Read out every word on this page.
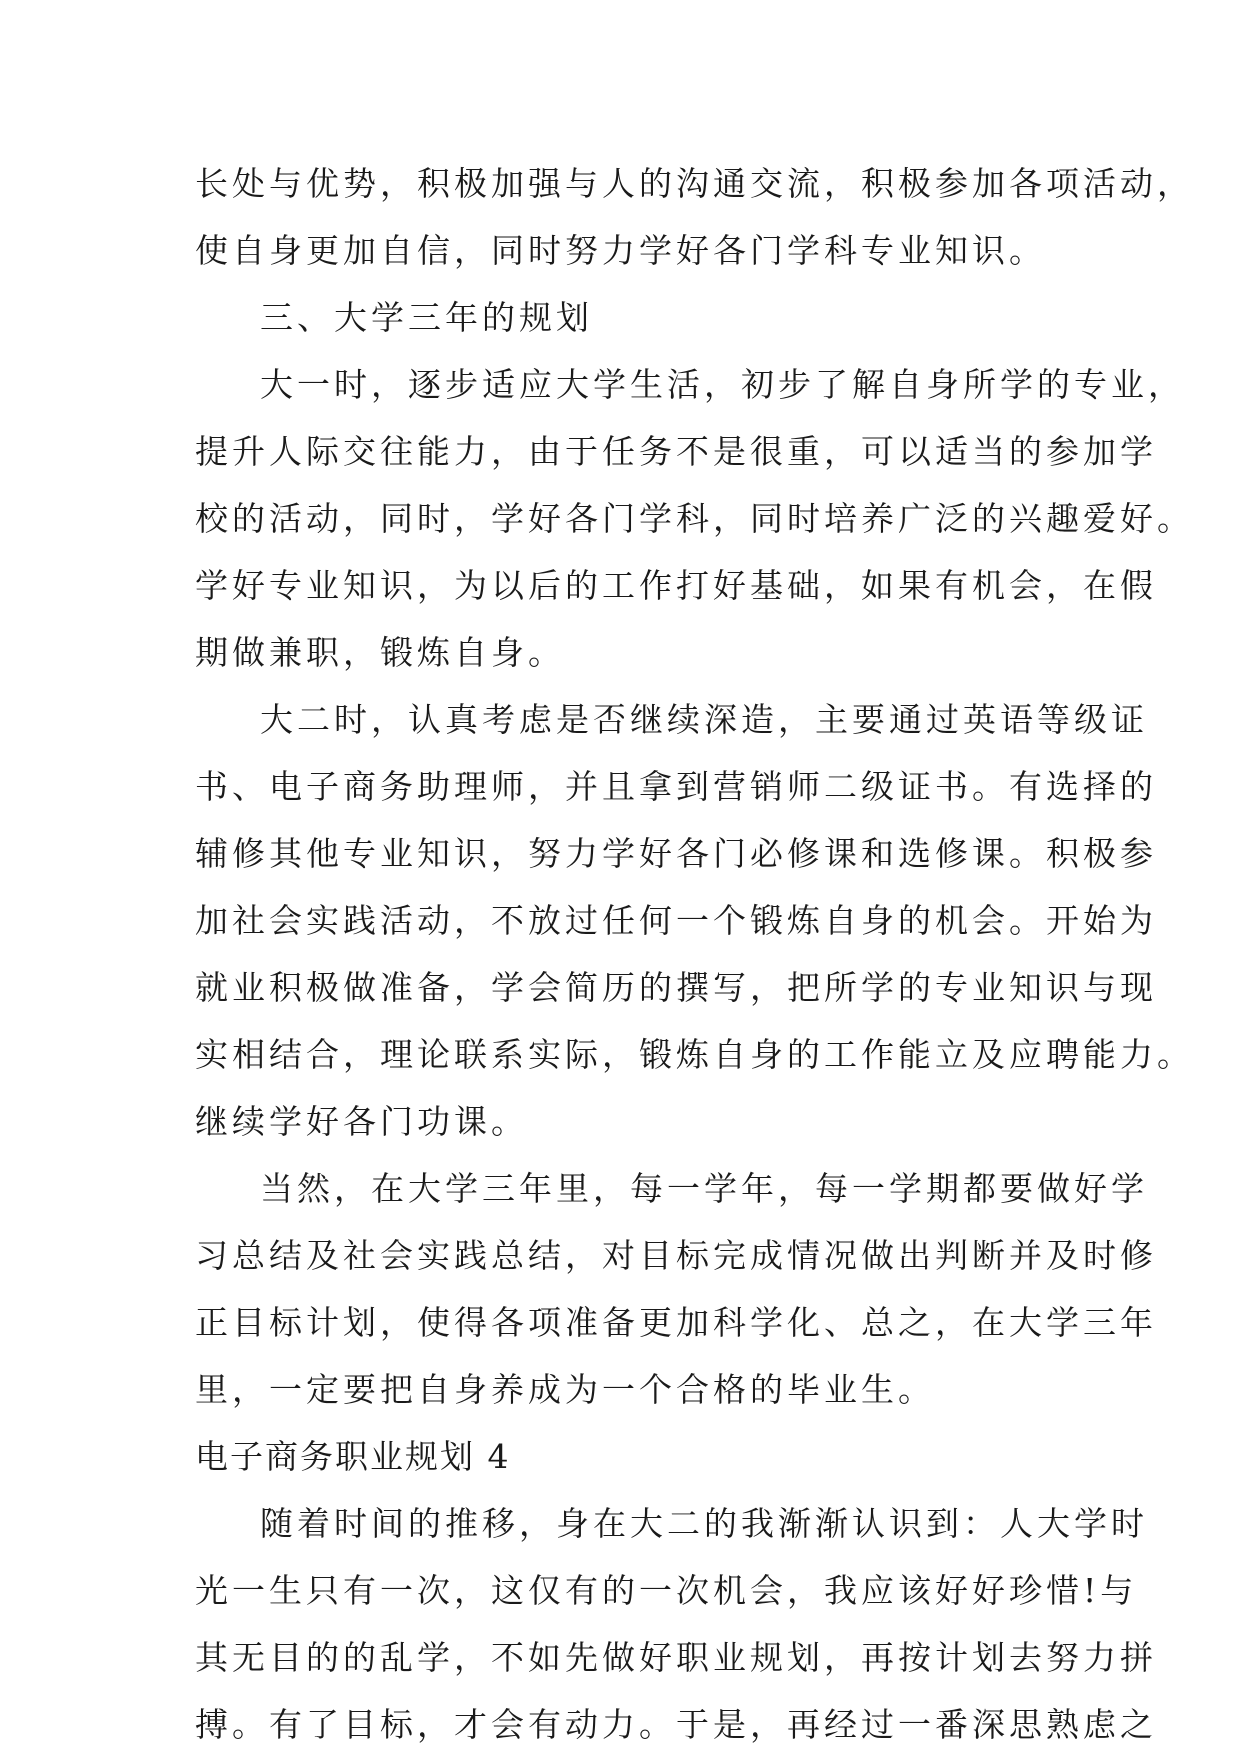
长处与优势，积极加强与人的沟通交流，积极参加各项活动，
使自身更加自信，同时努力学好各门学科专业知识。
三、大学三年的规划
大一时，逐步适应大学生活，初步了解自身所学的专业，
提升人际交往能力，由于任务不是很重，可以适当的参加学
校的活动，同时，学好各门学科，同时培养广泛的兴趣爱好。
学好专业知识，为以后的工作打好基础，如果有机会，在假
期做兼职，锻炼自身。
大二时，认真考虑是否继续深造，主要通过英语等级证
书、电子商务助理师，并且拿到营销师二级证书。有选择的
辅修其他专业知识，努力学好各门必修课和选修课。积极参
加社会实践活动，不放过任何一个锻炼自身的机会。开始为
就业积极做准备，学会简历的撰写，把所学的专业知识与现
实相结合，理论联系实际，锻炼自身的工作能立及应聘能力。
继续学好各门功课。
当然，在大学三年里，每一学年，每一学期都要做好学
习总结及社会实践总结，对目标完成情况做出判断并及时修
正目标计划，使得各项准备更加科学化、总之，在大学三年
里，一定要把自身养成为一个合格的毕业生。
电子商务职业规划 4
随着时间的推移，身在大二的我渐渐认识到：人大学时
光一生只有一次，这仅有的一次机会，我应该好好珍惜!与
其无目的的乱学，不如先做好职业规划，再按计划去努力拼
搏。有了目标，才会有动力。于是，再经过一番深思熟虑之
